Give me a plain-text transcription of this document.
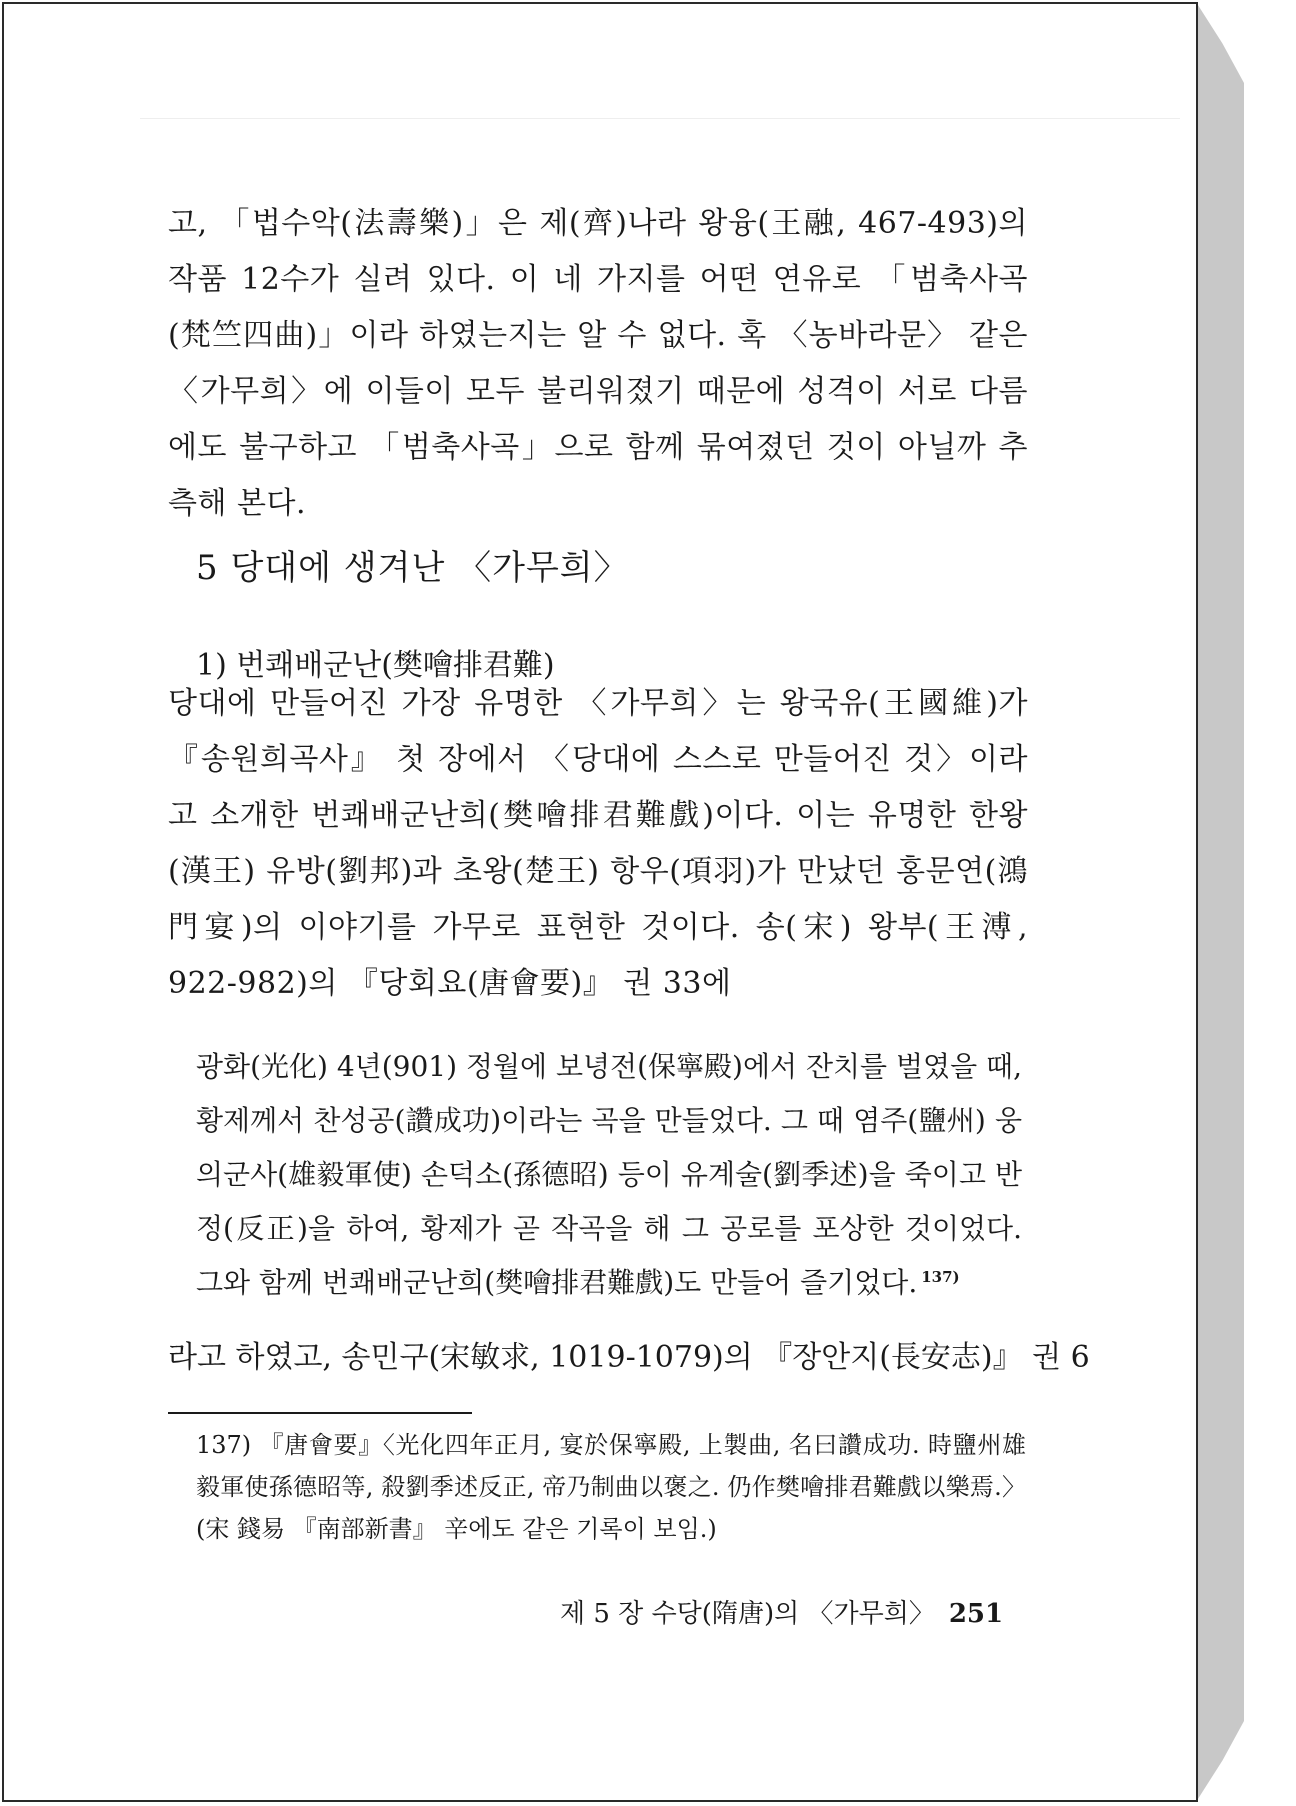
고, 「법수악(法壽樂)」은 제(齊)나라 왕융(王融, 467-493)의 작품 12수가 실려 있다. 이 네 가지를 어떤 연유로 「범축사곡(梵竺四曲)」이라 하였는지는 알 수 없다. 혹 〈농바라문〉 같은 〈가무희〉에 이들이 모두 불리워졌기 때문에 성격이 서로 다름에도 불구하고 「범축사곡」으로 함께 묶여졌던 것이 아닐까 추측해 본다.

5 당대에 생겨난 〈가무희〉
1) 번쾌배군난(樊噲排君難)

당대에 만들어진 가장 유명한 〈가무희〉는 왕국유(王國維)가 『송원희곡사』 첫 장에서 〈당대에 스스로 만들어진 것〉이라고 소개한 번쾌배군난희(樊噲排君難戲)이다. 이는 유명한 한왕(漢王) 유방(劉邦)과 초왕(楚王) 항우(項羽)가 만났던 홍문연(鴻門宴)의 이야기를 가무로 표현한 것이다. 송(宋) 왕부(王溥, 922-982)의 『당회요(唐會要)』 권 33에

광화(光化) 4년(901) 정월에 보녕전(保寧殿)에서 잔치를 벌였을 때, 황제께서 찬성공(讚成功)이라는 곡을 만들었다. 그 때 염주(鹽州) 웅의군사(雄毅軍使) 손덕소(孫德昭) 등이 유계술(劉季述)을 죽이고 반정(反正)을 하여, 황제가 곧 작곡을 해 그 공로를 포상한 것이었다. 그와 함께 번쾌배군난희(樊噲排君難戲)도 만들어 즐기었다. $^{137)}$

라고 하였고, 송민구(宋敏求, 1019-1079)의 『장안지(長安志)』 권 6

137) 『唐會要』〈光化四年正月, 宴於保寧殿, 上製曲, 名曰讚成功. 時鹽州雄毅軍使孫德昭等, 殺劉季述反正, 帝乃制曲以褒之. 仍作樊噲排君難戲以樂焉.〉(宋 錢易 『南部新書』 辛에도 같은 기록이 보임.)

제 5 장 수당(隋唐)의 〈가무희〉 251
